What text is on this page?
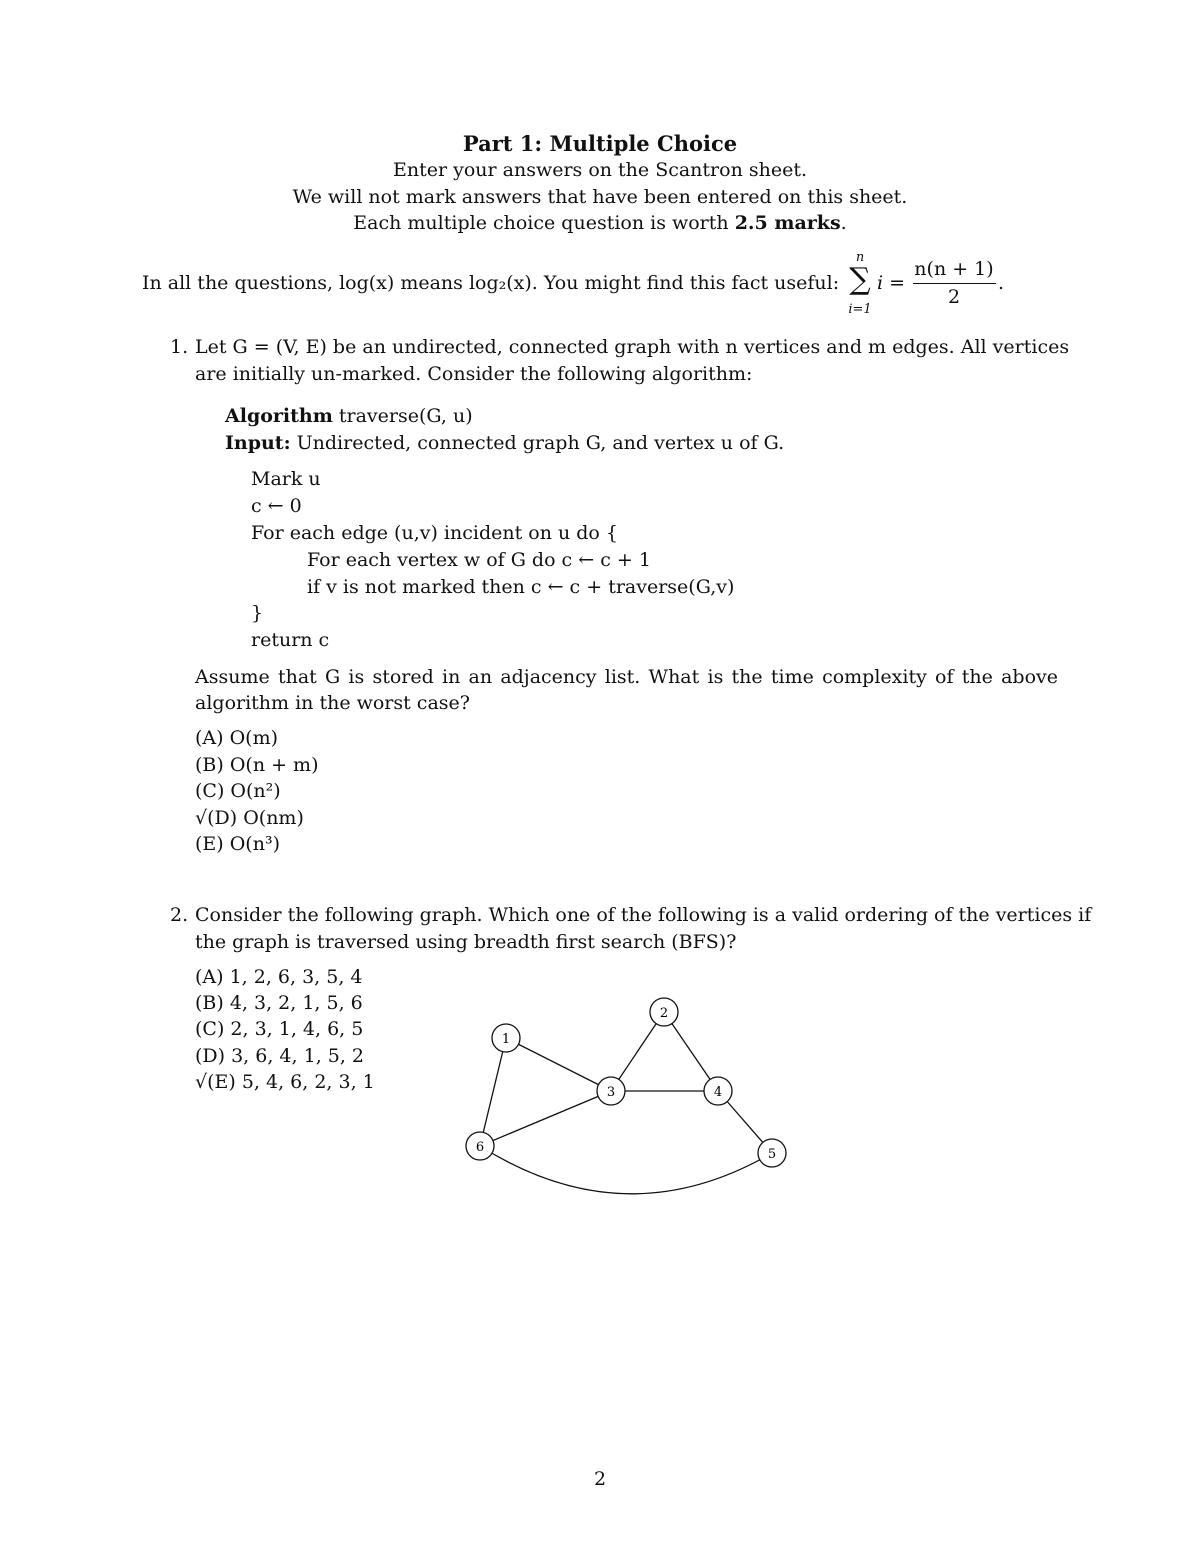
Part 1: Multiple Choice
Enter your answers on the Scantron sheet.
We will not mark answers that have been entered on this sheet.
Each multiple choice question is worth 2.5 marks.
In all the questions, log(x) means log₂(x). You might find this fact useful:
n
∑
i=1
i =
n(n + 1)
2
.
1. Let G = (V, E) be an undirected, connected graph with n vertices and m edges. All vertices
are initially un-marked. Consider the following algorithm:
Algorithm traverse(G, u)
Input: Undirected, connected graph G, and vertex u of G.
Mark u
c ← 0
For each edge (u,v) incident on u do {
For each vertex w of G do c ← c + 1
if v is not marked then c ← c + traverse(G,v)
}
return c
Assume that G is stored in an adjacency list. What is the time complexity of the above
algorithm in the worst case?
(A) O(m)
(B) O(n + m)
(C) O(n²)
√(D) O(nm)
(E) O(n³)
2. Consider the following graph. Which one of the following is a valid ordering of the vertices if
the graph is traversed using breadth first search (BFS)?
(A) 1, 2, 6, 3, 5, 4
(B) 4, 3, 2, 1, 5, 6
(C) 2, 3, 1, 4, 6, 5
(D) 3, 6, 4, 1, 5, 2
√(E) 5, 4, 6, 2, 3, 1
1
2
3	4
5
6
2
